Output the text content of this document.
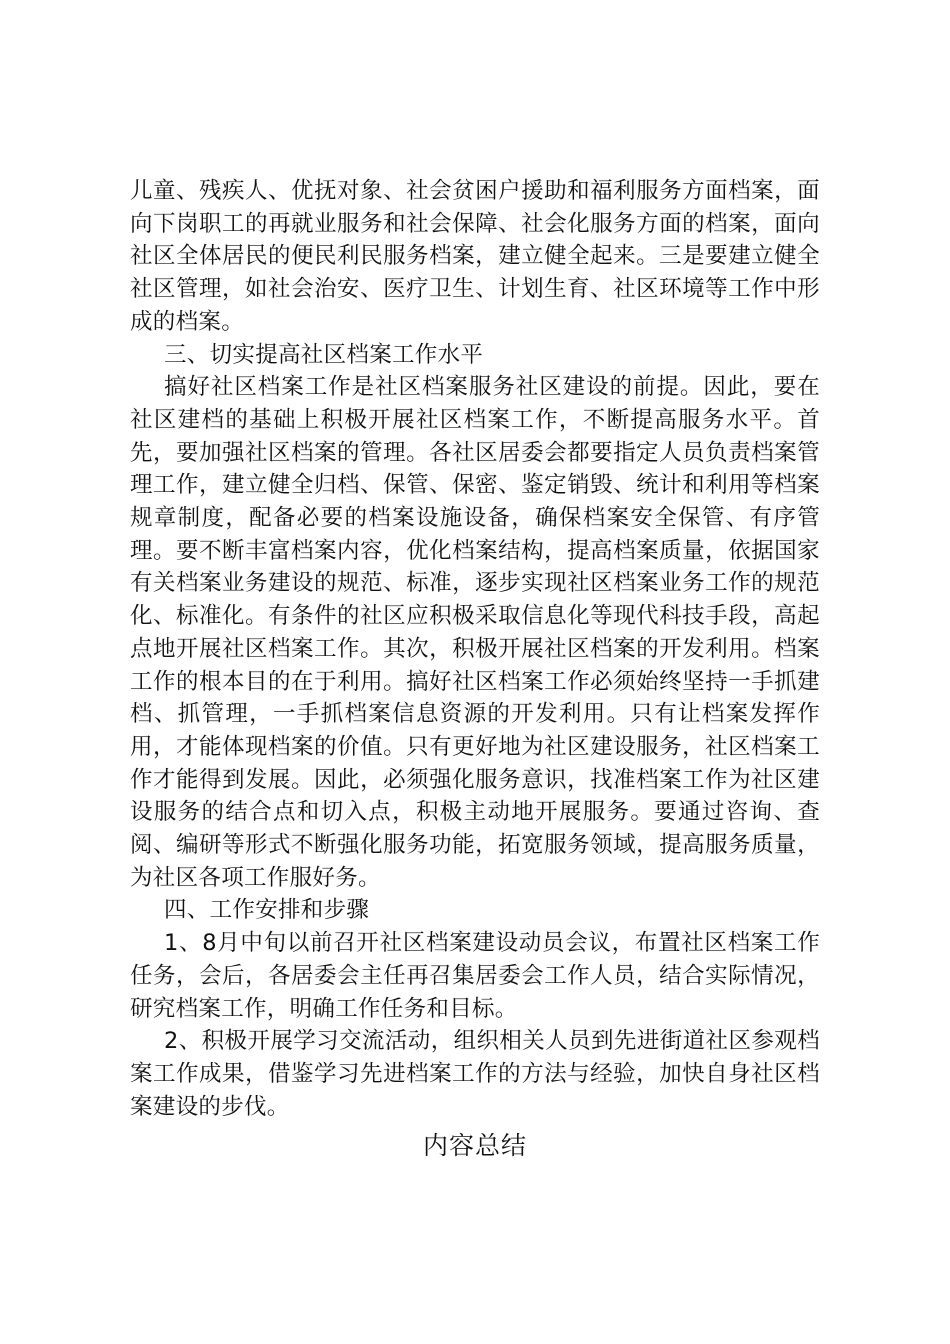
儿童、残疾人、优抚对象、社会贫困户援助和福利服务方面档案，面向下岗职工的再就业服务和社会保障、社会化服务方面的档案，面向社区全体居民的便民利民服务档案，建立健全起来。三是要建立健全社区管理，如社会治安、医疗卫生、计划生育、社区环境等工作中形成的档案。

三、切实提高社区档案工作水平

搞好社区档案工作是社区档案服务社区建设的前提。因此，要在社区建档的基础上积极开展社区档案工作，不断提高服务水平。首先，要加强社区档案的管理。各社区居委会都要指定人员负责档案管理工作，建立健全归档、保管、保密、鉴定销毁、统计和利用等档案规章制度，配备必要的档案设施设备，确保档案安全保管、有序管理。要不断丰富档案内容，优化档案结构，提高档案质量，依据国家有关档案业务建设的规范、标准，逐步实现社区档案业务工作的规范化、标准化。有条件的社区应积极采取信息化等现代科技手段，高起点地开展社区档案工作。其次，积极开展社区档案的开发利用。档案工作的根本目的在于利用。搞好社区档案工作必须始终坚持一手抓建档、抓管理，一手抓档案信息资源的开发利用。只有让档案发挥作用，才能体现档案的价值。只有更好地为社区建设服务，社区档案工作才能得到发展。因此，必须强化服务意识，找准档案工作为社区建设服务的结合点和切入点，积极主动地开展服务。要通过咨询、查阅、编研等形式不断强化服务功能，拓宽服务领域，提高服务质量，为社区各项工作服好务。

四、工作安排和步骤

1、8月中旬以前召开社区档案建设动员会议，布置社区档案工作任务，会后，各居委会主任再召集居委会工作人员，结合实际情况，研究档案工作，明确工作任务和目标。

2、积极开展学习交流活动，组织相关人员到先进街道社区参观档案工作成果，借鉴学习先进档案工作的方法与经验，加快自身社区档案建设的步伐。

内容总结
